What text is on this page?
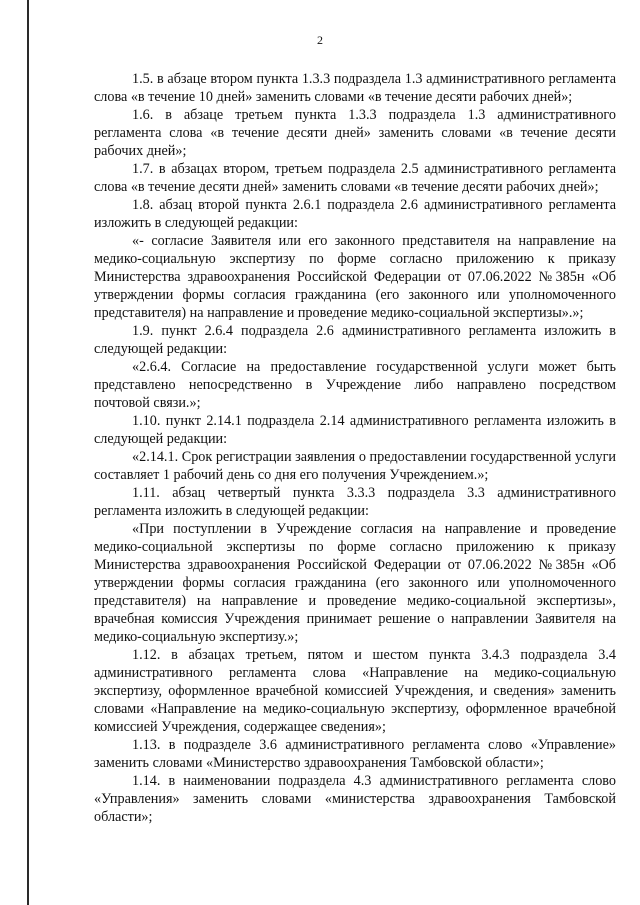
2

1.5. в абзаце втором пункта 1.3.3 подраздела 1.3 административного регламента слова «в течение 10 дней» заменить словами «в течение десяти рабочих дней»;

1.6. в абзаце третьем пункта 1.3.3 подраздела 1.3 административного регламента слова «в течение десяти дней» заменить словами «в течение десяти рабочих дней»;

1.7. в абзацах втором, третьем подраздела 2.5 административного регламента слова «в течение десяти дней» заменить словами «в течение десяти рабочих дней»;

1.8. абзац второй пункта 2.6.1 подраздела 2.6 административного регламента изложить в следующей редакции:

«- согласие Заявителя или его законного представителя на направление на медико-социальную экспертизу по форме согласно приложению к приказу Министерства здравоохранения Российской Федерации от 07.06.2022 №385н «Об утверждении формы согласия гражданина (его законного или уполномоченного представителя) на направление и проведение медико-социальной экспертизы».»;

1.9. пункт 2.6.4 подраздела 2.6 административного регламента изложить в следующей редакции:

«2.6.4. Согласие на предоставление государственной услуги может быть представлено непосредственно в Учреждение либо направлено посредством почтовой связи.»;

1.10. пункт 2.14.1 подраздела 2.14 административного регламента изложить в следующей редакции:

«2.14.1. Срок регистрации заявления о предоставлении государственной услуги составляет 1 рабочий день со дня его получения Учреждением.»;

1.11. абзац четвертый пункта 3.3.3 подраздела 3.3 административного регламента изложить в следующей редакции:

«При поступлении в Учреждение согласия на направление и проведение медико-социальной экспертизы по форме согласно приложению к приказу Министерства здравоохранения Российской Федерации от 07.06.2022 №385н «Об утверждении формы согласия гражданина (его законного или уполномоченного представителя) на направление и проведение медико-социальной экспертизы», врачебная комиссия Учреждения принимает решение о направлении Заявителя на медико-социальную экспертизу.»;

1.12. в абзацах третьем, пятом и шестом пункта 3.4.3 подраздела 3.4 административного регламента слова «Направление на медико-социальную экспертизу, оформленное врачебной комиссией Учреждения, и сведения» заменить словами «Направление на медико-социальную экспертизу, оформленное врачебной комиссией Учреждения, содержащее сведения»;

1.13. в подразделе 3.6 административного регламента слово «Управление» заменить словами «Министерство здравоохранения Тамбовской области»;

1.14. в наименовании подраздела 4.3 административного регламента слово «Управления» заменить словами «министерства здравоохранения Тамбовской области»;
